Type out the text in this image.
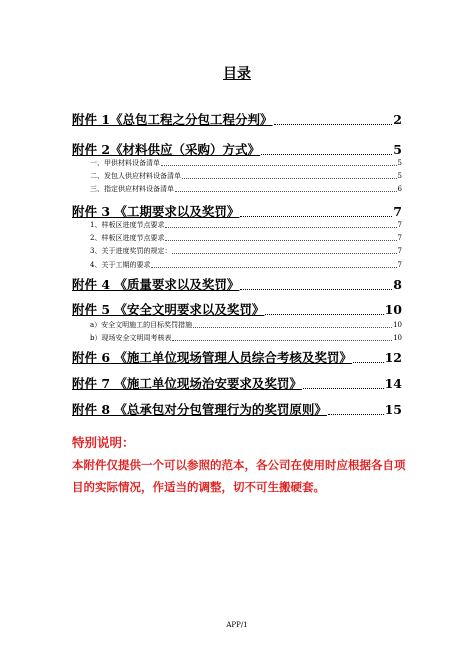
目录
附件 1《总包工程之分包工程分判》	2
附件 2《材料供应（采购）方式》	5
一、甲供材料设备清单	5
二、发包人供应材料设备清单	5
三、指定供应材料设备清单	6
附件 3 《工期要求以及奖罚》	7
1、样板区进度节点要求	7
2、样板区进度节点要求	7
3、关于进度奖罚的规定：	7
4、关于工期的要求	7
附件 4 《质量要求以及奖罚》	8
附件 5 《安全文明要求以及奖罚》	10
a）安全文明施工的目标奖罚措施	10
b）现场安全文明周考核表	10
附件 6 《施工单位现场管理人员综合考核及奖罚》	12
附件 7 《施工单位现场治安要求及奖罚》	14
附件 8 《总承包对分包管理行为的奖罚原则》	15
特别说明：
本附件仅提供一个可以参照的范本，各公司在使用时应根据各自项目的实际情况，作适当的调整，切不可生搬硬套。
APP/1
